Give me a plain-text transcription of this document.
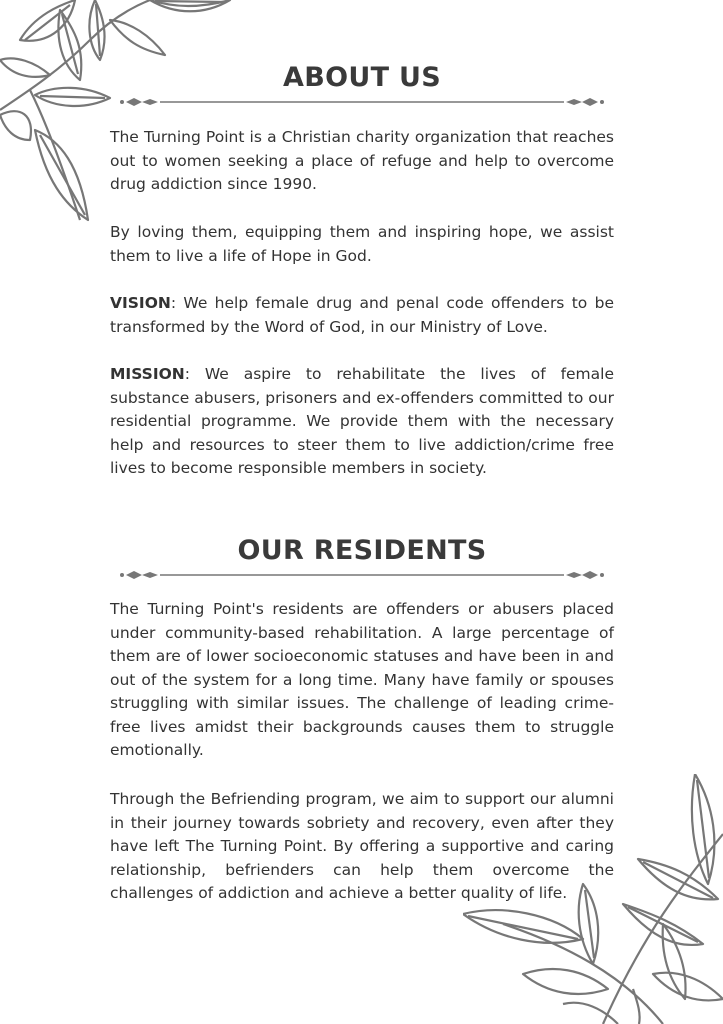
ABOUT US

The Turning Point is a Christian charity organization that reaches out to women seeking a place of refuge and help to overcome drug addiction since 1990.

By loving them, equipping them and inspiring hope, we assist them to live a life of Hope in God.

VISION: We help female drug and penal code offenders to be transformed by the Word of God, in our Ministry of Love.

MISSION: We aspire to rehabilitate the lives of female substance abusers, prisoners and ex-offenders committed to our residential programme. We provide them with the necessary help and resources to steer them to live addiction/crime free lives to become responsible members in society.

OUR RESIDENTS

The Turning Point's residents are offenders or abusers placed under community-based rehabilitation. A large percentage of them are of lower socioeconomic statuses and have been in and out of the system for a long time. Many have family or spouses struggling with similar issues. The challenge of leading crime-free lives amidst their backgrounds causes them to struggle emotionally.

Through the Befriending program, we aim to support our alumni in their journey towards sobriety and recovery, even after they have left The Turning Point. By offering a supportive and caring relationship, befrienders can help them overcome the challenges of addiction and achieve a better quality of life.
